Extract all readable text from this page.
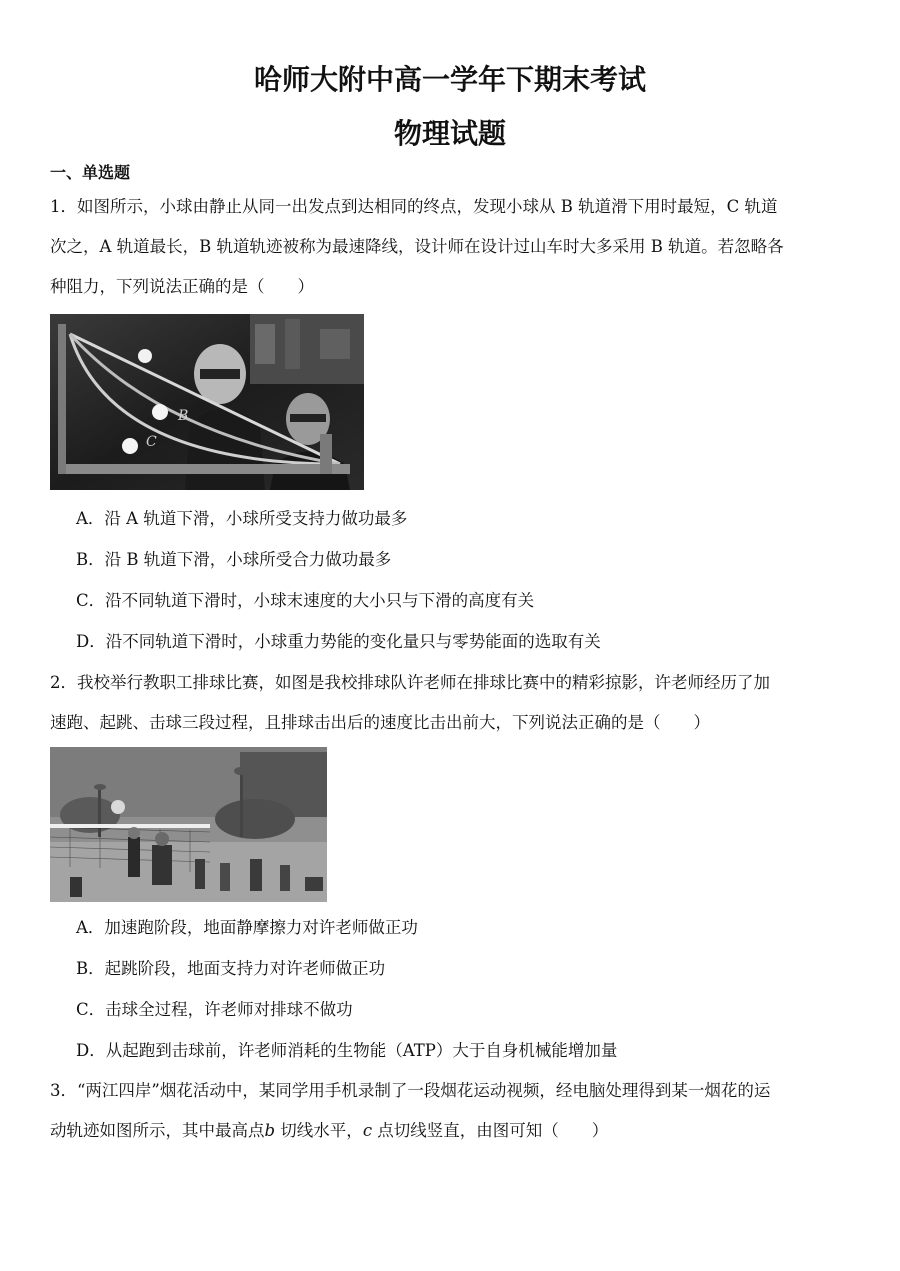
哈师大附中高一学年下期末考试
物理试题
一、单选题
1．如图所示，小球由静止从同一出发点到达相同的终点，发现小球从 B 轨道滑下用时最短，C 轨道
次之，A 轨道最长，B 轨道轨迹被称为最速降线，设计师在设计过山车时大多采用 B 轨道。若忽略各
种阻力，下列说法正确的是（　　）
B
C
A．沿 A 轨道下滑，小球所受支持力做功最多
B．沿 B 轨道下滑，小球所受合力做功最多
C．沿不同轨道下滑时，小球末速度的大小只与下滑的高度有关
D．沿不同轨道下滑时，小球重力势能的变化量只与零势能面的选取有关
2．我校举行教职工排球比赛，如图是我校排球队许老师在排球比赛中的精彩掠影，许老师经历了加
速跑、起跳、击球三段过程，且排球击出后的速度比击出前大，下列说法正确的是（　　）
A．加速跑阶段，地面静摩擦力对许老师做正功
B．起跳阶段，地面支持力对许老师做正功
C．击球全过程，许老师对排球不做功
D．从起跑到击球前，许老师消耗的生物能（ATP）大于自身机械能增加量
3．“两江四岸”烟花活动中，某同学用手机录制了一段烟花运动视频，经电脑处理得到某一烟花的运
动轨迹如图所示，其中最高点b 切线水平，c 点切线竖直，由图可知（　　）
